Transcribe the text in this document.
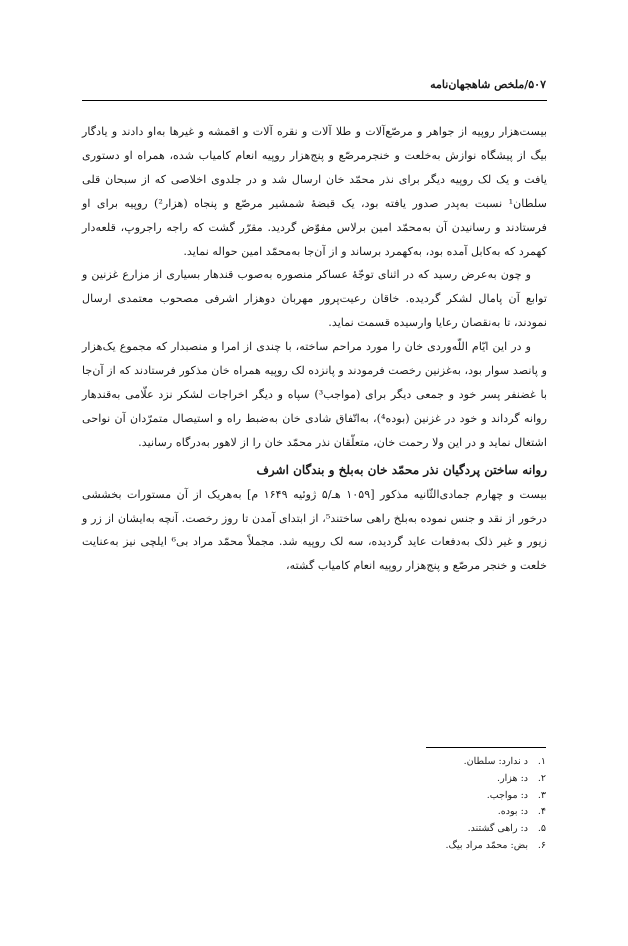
۵۰۷/ملخص شاهجهان‌نامه

بیست‌هزار روپیه از جواهر و مرصّع‌آلات و طلا آلات و نقره آلات و اقمشه و غیرها به‌او دادند و یادگار بیگ از پیشگاه نوازش به‌خلعت و خنجرمرصّع و پنج‌هزار روپیه انعام کامیاب شده، همراه او دستوری یافت و یک لک روپیه دیگر برای نذر محمّد خان ارسال شد و در جلدوی اخلاصی که از سبحان قلی سلطان¹ نسبت به‌پدر صدور یافته بود، یک قبضهٔ شمشیر مرصّع و پنجاه (هزار²) روپیه برای او فرستادند و رسانیدن آن به‌محمّد امین برلاس مفوّض گردید. مقرّر گشت که راجه راجروپ، قلعه‌دار کهمرد که به‌کابل آمده بود، به‌کهمرد برساند و از آن‌جا به‌محمّد امین حواله نماید.

و چون به‌عرض رسید که در اثنای توجّهٔ عساکر منصوره به‌صوب قندهار بسیاری از مزارع غزنین و توابع آن پامال لشکر گردیده. خاقان رعیت‌پرور مهربان دوهزار اشرفی مصحوب معتمدی ارسال نمودند، تا به‌نقصان رعایا وارسیده قسمت نماید.

و در این ایّام اللّه‌وردی خان را مورد مراحم ساخته، با چندی از امرا و منصبدار که مجموع یک‌هزار و پانصد سوار بود، به‌غزنین رخصت فرمودند و پانزده لک روپیه همراه خان مذکور فرستادند که از آن‌جا با غضنفر پسر خود و جمعی دیگر برای (مواجب³) سپاه و دیگر اخراجات لشکر نزد علّامی به‌قندهار روانه گرداند و خود در غزنین (بوده⁴)، به‌اتّفاق شادی خان به‌ضبط راه و استیصال متمرّدان آن نواحی اشتغال نماید و در این ولا رحمت خان، متعلّقان نذر محمّد خان را از لاهور به‌درگاه رسانید.

روانه ساختن پردگیان نذر محمّد خان به‌بلخ و بندگان اشرف

بیست و چهارم جمادی‌الثّانیه مذکور [۱۰۵۹ هـ/۵ ژوئیه ۱۶۴۹ م] به‌هریک از آن مستورات بخششی درخور از نقد و جنس نموده به‌بلخ راهی ساختند⁵، از ابتدای آمدن تا روز رخصت. آنچه به‌ایشان از زر و زیور و غیر ذلک به‌دفعات عاید گردیده، سه لک روپیه شد. مجملاً محمّد مراد بی⁶ ایلچی نیز به‌عنایت خلعت و خنجر مرصّع و پنج‌هزار روپیه انعام کامیاب گشته،

۱.د ندارد: سلطان.

۲.د: هزار.

۳.د: مواجب.

۴.د: بوده.

۵.د: راهی گشتند.

۶.بض: محمّد مراد بیگ.
